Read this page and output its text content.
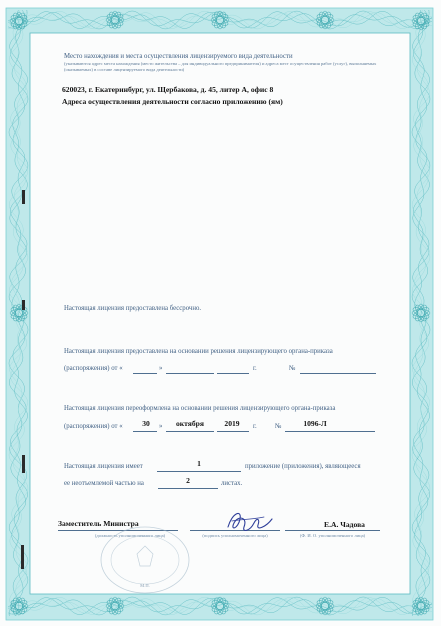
Место нахождения и места осуществления лицензируемого вида деятельности
(указываются адрес места нахождения (место жительства – для индивидуального предпринимателя) и адреса мест осуществления работ (услуг), выполняемых (оказываемых) в составе лицензируемого вида деятельности)
620023, г. Екатеринбург, ул. Щербакова, д. 45, литер А, офис 8
Адреса осуществления деятельности согласно приложению (ям)
Настоящая лицензия предоставлена бессрочно.
Настоящая лицензия предоставлена на основании решения лицензирующего органа-приказа
(распоряжения) от «	»	г.	№
Настоящая лицензия переоформлена на основании решения лицензирующего органа-приказа
(распоряжения) от «	30	»	октября	2019	г.	№	1096-Л
Настоящая лицензия имеет	1	приложение (приложения), являющееся
ее неотъемлемой частью на	2	листах.
Заместитель Министра	Е.А. Чадова
(должность уполномоченного лица)	(подпись уполномоченного лица)	(Ф. И. О. уполномоченного лица)
М.П.
